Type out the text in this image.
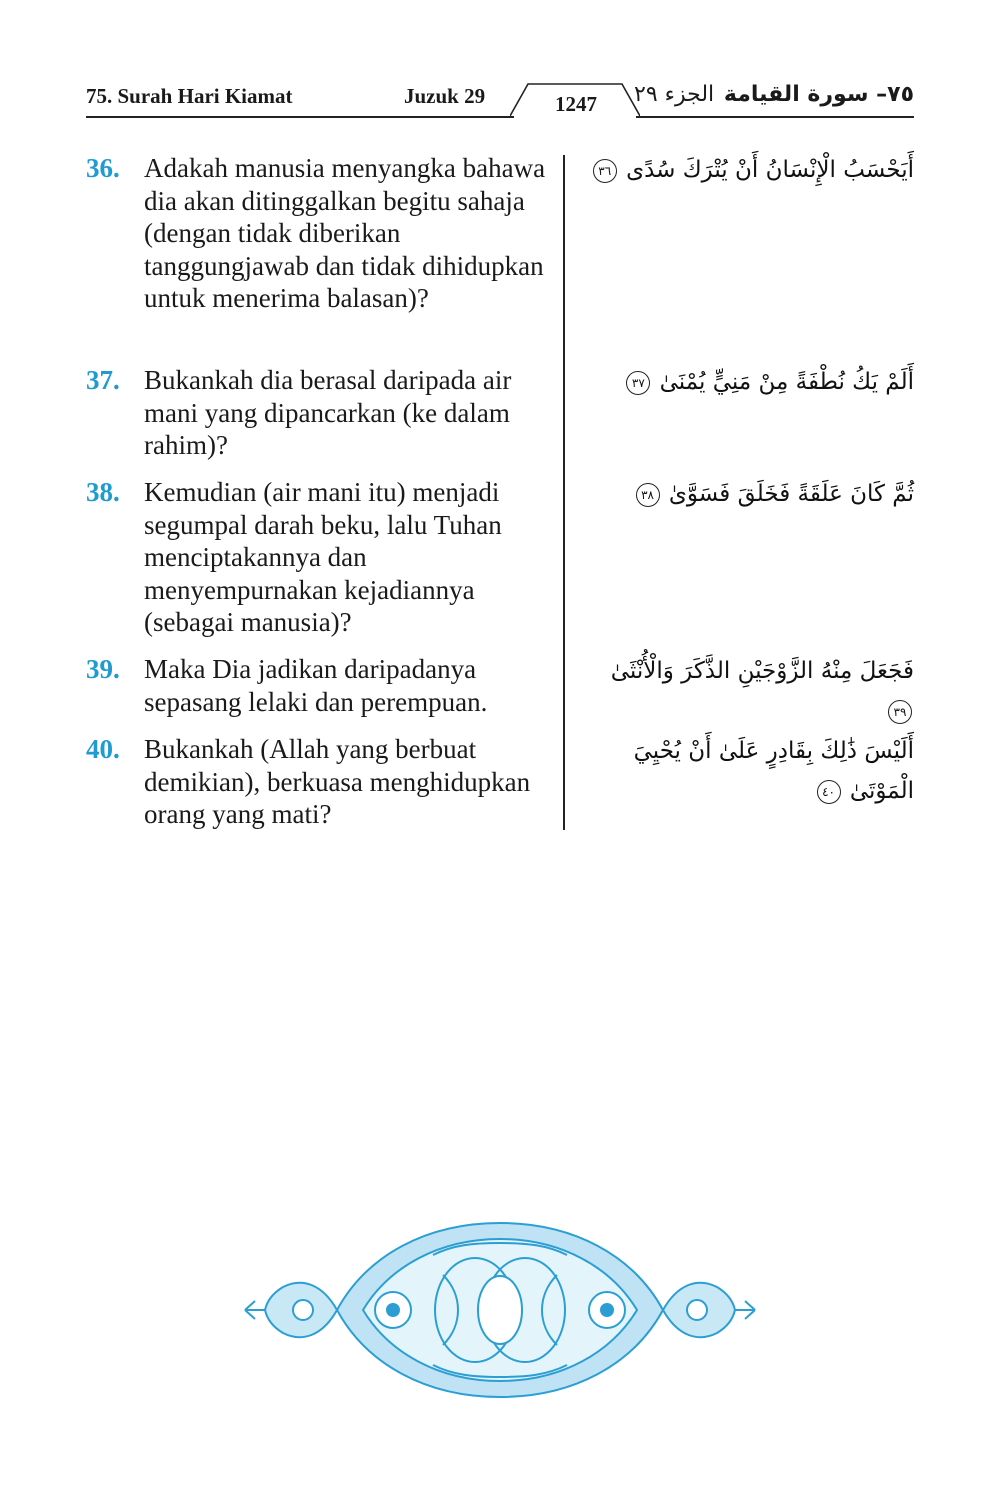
75. Surah Hari Kiamat	Juzuk 29	1247	الجزء ٢٩ ٧٥– سورة القيامة
36. Adakah manusia menyangka bahawa dia akan ditinggalkan begitu sahaja (dengan tidak diberikan tanggungjawab dan tidak dihidupkan untuk menerima balasan)?
37. Bukankah dia berasal daripada air mani yang dipancarkan (ke dalam rahim)?
38. Kemudian (air mani itu) menjadi segumpal darah beku, lalu Tuhan menciptakannya dan menyempurnakan kejadiannya (sebagai manusia)?
39. Maka Dia jadikan daripadanya sepasang lelaki dan perempuan.
40. Bukankah (Allah yang berbuat demikian), berkuasa menghidupkan orang yang mati?
أَيَحْسَبُ الْإِنْسَانُ أَنْ يُتْرَكَ سُدًى ٣٦
أَلَمْ يَكُ نُطْفَةً مِنْ مَنِيٍّ يُمْنَىٰ ٣٧
ثُمَّ كَانَ عَلَقَةً فَخَلَقَ فَسَوَّىٰ ٣٨
فَجَعَلَ مِنْهُ الزَّوْجَيْنِ الذَّكَرَ وَالْأُنْثَىٰ ٣٩
أَلَيْسَ ذَٰلِكَ بِقَادِرٍ عَلَىٰ أَنْ يُحْيِيَ الْمَوْتَىٰ ٤٠
